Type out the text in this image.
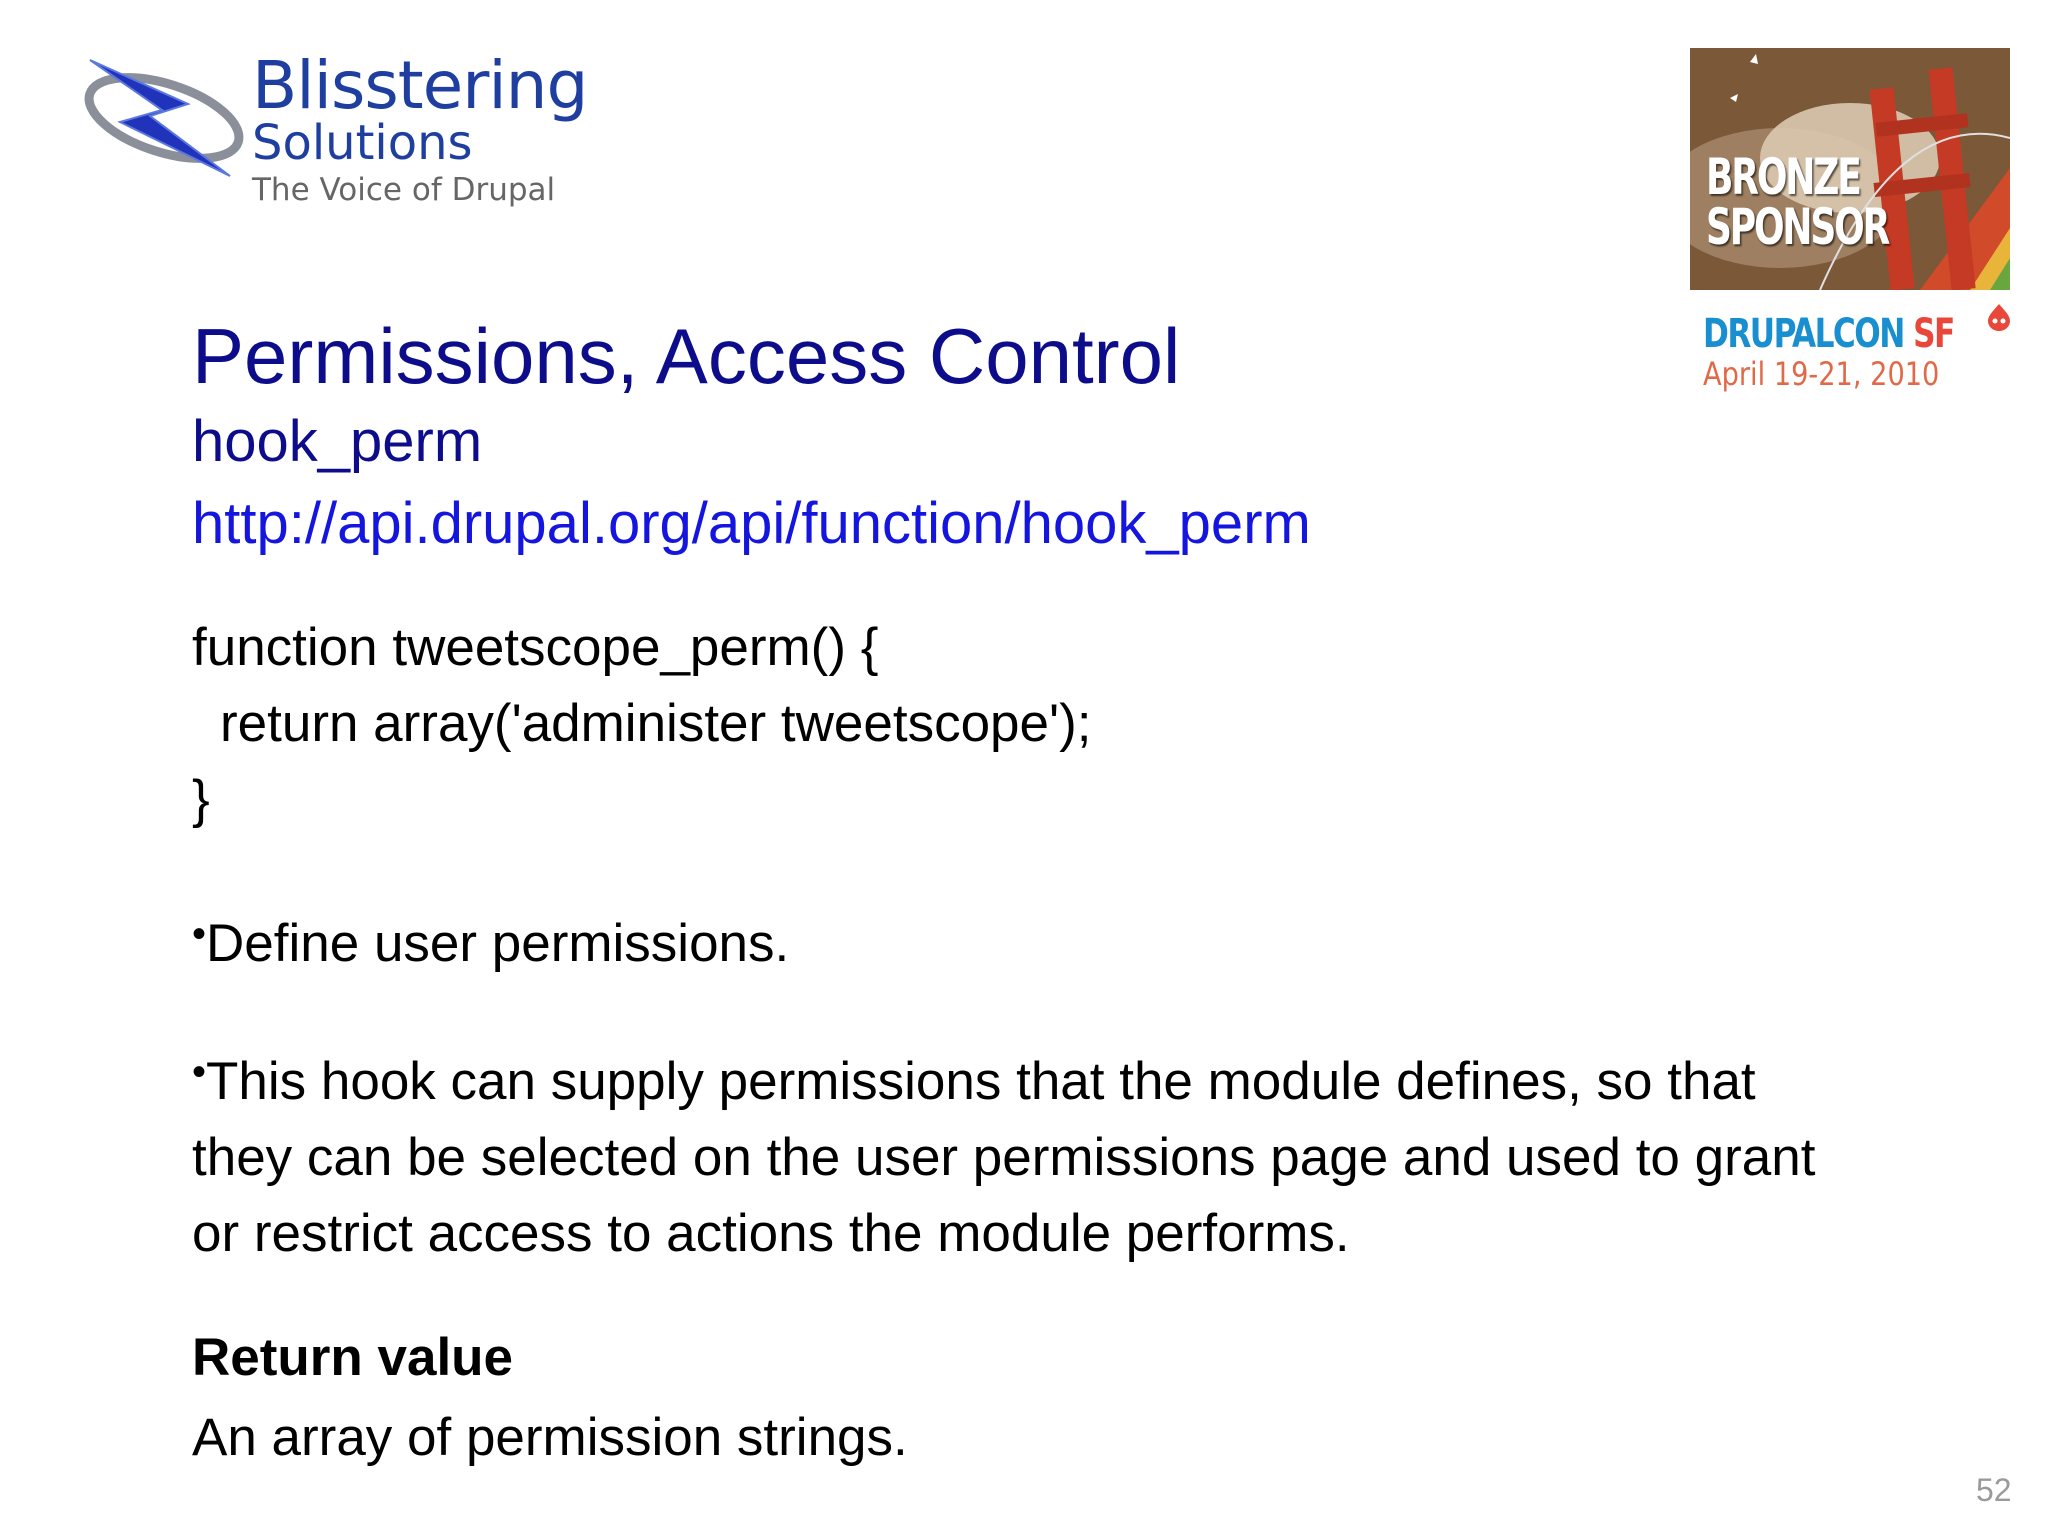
Blisstering
Solutions
The Voice of Drupal	BRONZE
SPONSOR
DRUPALCON SF
April 19-21, 2010
Permissions, Access Control
hook_perm
http://api.drupal.org/api/function/hook_perm
function tweetscope_perm() {
return array('administer tweetscope');
}
•Define user permissions.
•This hook can supply permissions that the module defines, so that
they can be selected on the user permissions page and used to grant
or restrict access to actions the module performs.
Return value
An array of permission strings.
52
